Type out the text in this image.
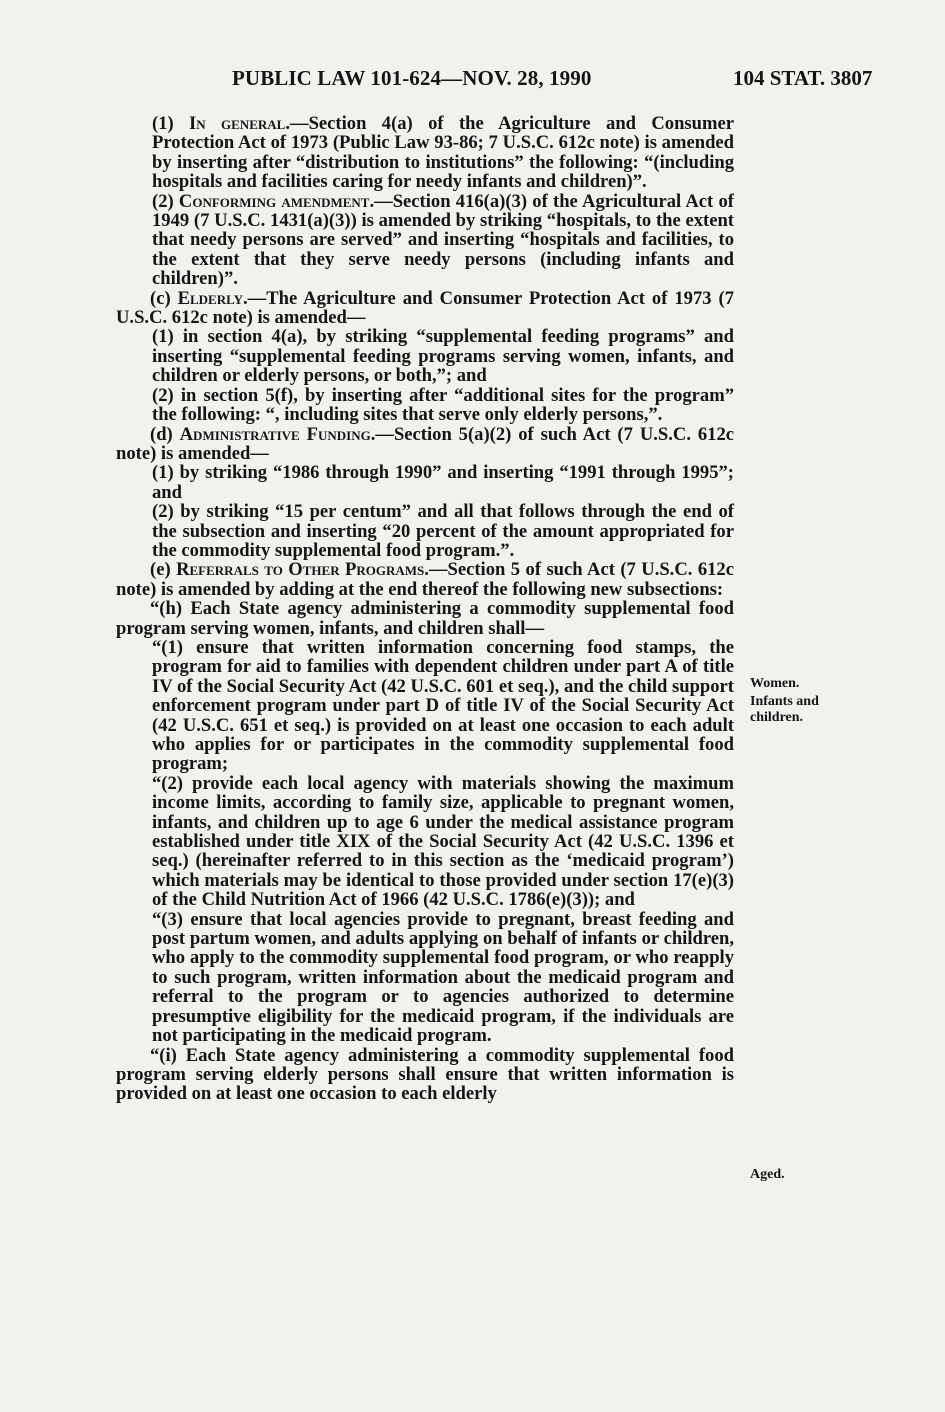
PUBLIC LAW 101-624—NOV. 28, 1990	104 STAT. 3807

(1) In general.—Section 4(a) of the Agriculture and Consumer Protection Act of 1973 (Public Law 93-86; 7 U.S.C. 612c note) is amended by inserting after “distribution to institutions” the following: “(including hospitals and facilities caring for needy infants and children)”.

(2) Conforming amendment.—Section 416(a)(3) of the Agricultural Act of 1949 (7 U.S.C. 1431(a)(3)) is amended by striking “hospitals, to the extent that needy persons are served” and inserting “hospitals and facilities, to the extent that they serve needy persons (including infants and children)”.

(c) Elderly.—The Agriculture and Consumer Protection Act of 1973 (7 U.S.C. 612c note) is amended—

(1) in section 4(a), by striking “supplemental feeding programs” and inserting “supplemental feeding programs serving women, infants, and children or elderly persons, or both,”; and

(2) in section 5(f), by inserting after “additional sites for the program” the following: “, including sites that serve only elderly persons,”.

(d) Administrative Funding.—Section 5(a)(2) of such Act (7 U.S.C. 612c note) is amended—

(1) by striking “1986 through 1990” and inserting “1991 through 1995”; and

(2) by striking “15 per centum” and all that follows through the end of the subsection and inserting “20 percent of the amount appropriated for the commodity supplemental food program.”.

(e) Referrals to Other Programs.—Section 5 of such Act (7 U.S.C. 612c note) is amended by adding at the end thereof the following new subsections:

“(h) Each State agency administering a commodity supplemental food program serving women, infants, and children shall—

“(1) ensure that written information concerning food stamps, the program for aid to families with dependent children under part A of title IV of the Social Security Act (42 U.S.C. 601 et seq.), and the child support enforcement program under part D of title IV of the Social Security Act (42 U.S.C. 651 et seq.) is provided on at least one occasion to each adult who applies for or participates in the commodity supplemental food program;

“(2) provide each local agency with materials showing the maximum income limits, according to family size, applicable to pregnant women, infants, and children up to age 6 under the medical assistance program established under title XIX of the Social Security Act (42 U.S.C. 1396 et seq.) (hereinafter referred to in this section as the ‘medicaid program’) which materials may be identical to those provided under section 17(e)(3) of the Child Nutrition Act of 1966 (42 U.S.C. 1786(e)(3)); and

“(3) ensure that local agencies provide to pregnant, breast feeding and post partum women, and adults applying on behalf of infants or children, who apply to the commodity supplemental food program, or who reapply to such program, written information about the medicaid program and referral to the program or to agencies authorized to determine presumptive eligibility for the medicaid program, if the individuals are not participating in the medicaid program.

“(i) Each State agency administering a commodity supplemental food program serving elderly persons shall ensure that written information is provided on at least one occasion to each elderly

Women.
Infants and children.
Aged.
